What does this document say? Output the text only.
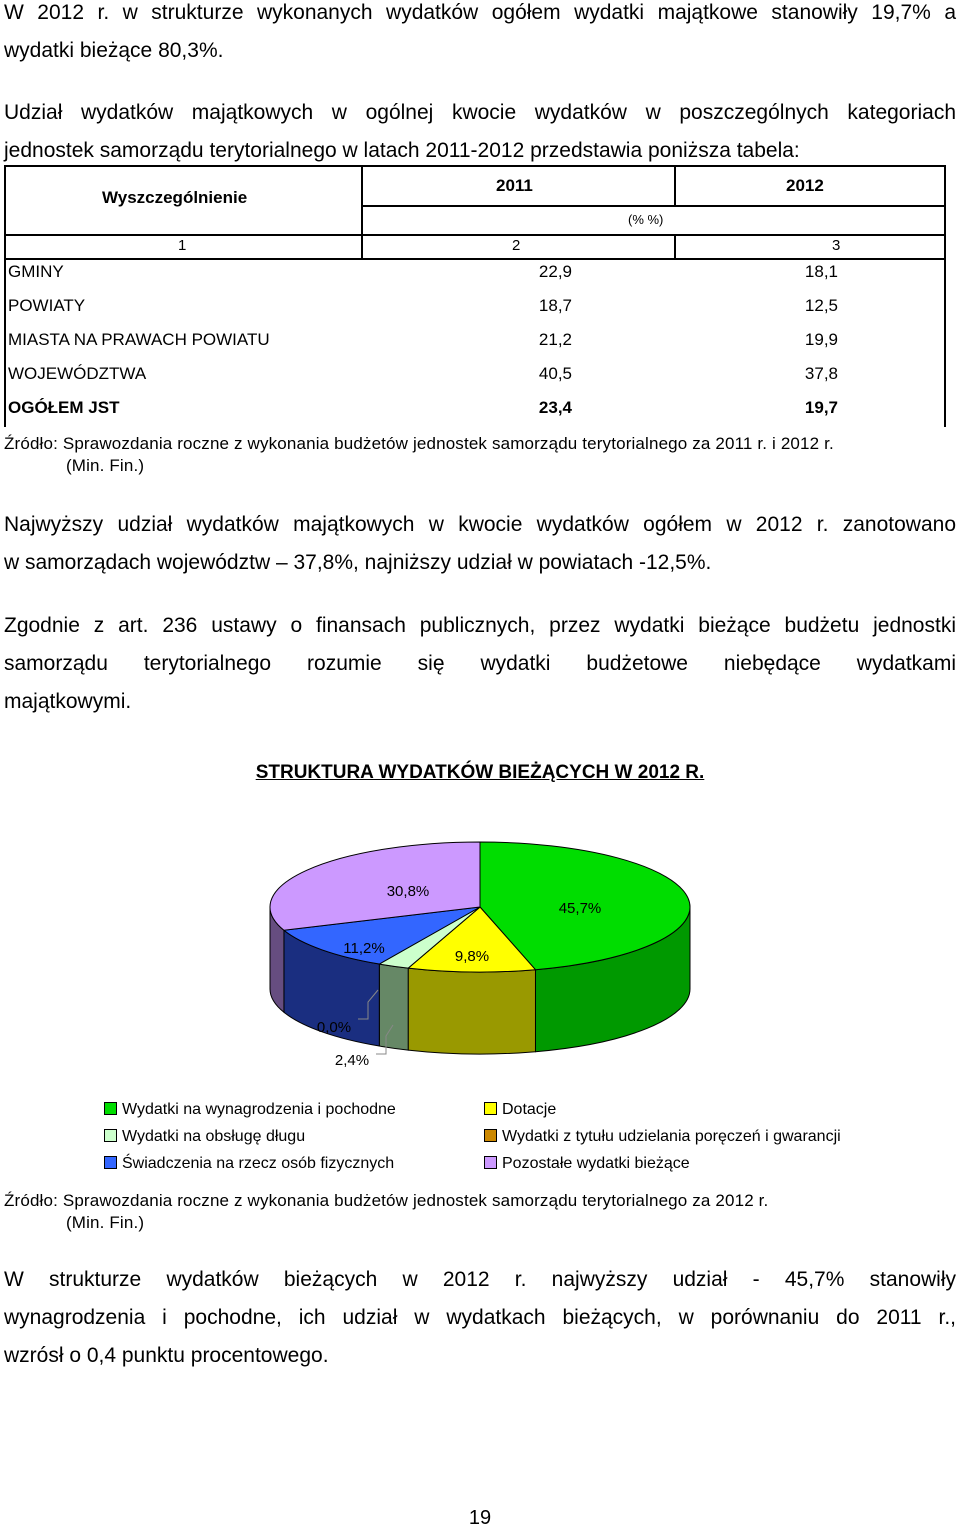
W 2012 r. w strukturze wykonanych wydatków ogółem wydatki majątkowe stanowiły 19,7% a
wydatki bieżące 80,3%.
Udział wydatków majątkowych w ogólnej kwocie wydatków w poszczególnych kategoriach
jednostek samorządu terytorialnego w latach 2011-2012 przedstawia poniższa tabela:
Wyszczególnienie
2011	2012
(% %)
1	2	3
GMINY	22,9	18,1
POWIATY	18,7	12,5
MIASTA NA PRAWACH POWIATU	21,2	19,9
WOJEWÓDZTWA	40,5	37,8
OGÓŁEM JST	23,4	19,7
Źródło: Sprawozdania roczne z wykonania budżetów jednostek samorządu terytorialnego za 2011 r. i 2012 r.
(Min. Fin.)
Najwyższy udział wydatków majątkowych w kwocie wydatków ogółem w 2012 r. zanotowano
w samorządach województw – 37,8%, najniższy udział w powiatach -12,5%.
Zgodnie z art. 236 ustawy o finansach publicznych, przez wydatki bieżące budżetu jednostki
samorządu terytorialnego rozumie się wydatki budżetowe niebędące wydatkami
majątkowymi.
STRUKTURA WYDATKÓW BIEŻĄCYCH W 2012 R.
45,7%
9,8%
0,0%
2,4%
11,2%
30,8%
Wydatki na wynagrodzenia i pochodne
Wydatki na obsługę długu
Świadczenia na rzecz osób fizycznych
Dotacje
Wydatki z tytułu udzielania poręczeń i gwarancji
Pozostałe wydatki bieżące
Źródło: Sprawozdania roczne z wykonania budżetów jednostek samorządu terytorialnego za 2012 r.
(Min. Fin.)
W strukturze wydatków bieżących w 2012 r. najwyższy udział - 45,7% stanowiły
wynagrodzenia i pochodne, ich udział w wydatkach bieżących, w porównaniu do 2011 r.,
wzrósł o 0,4 punktu procentowego.
19
